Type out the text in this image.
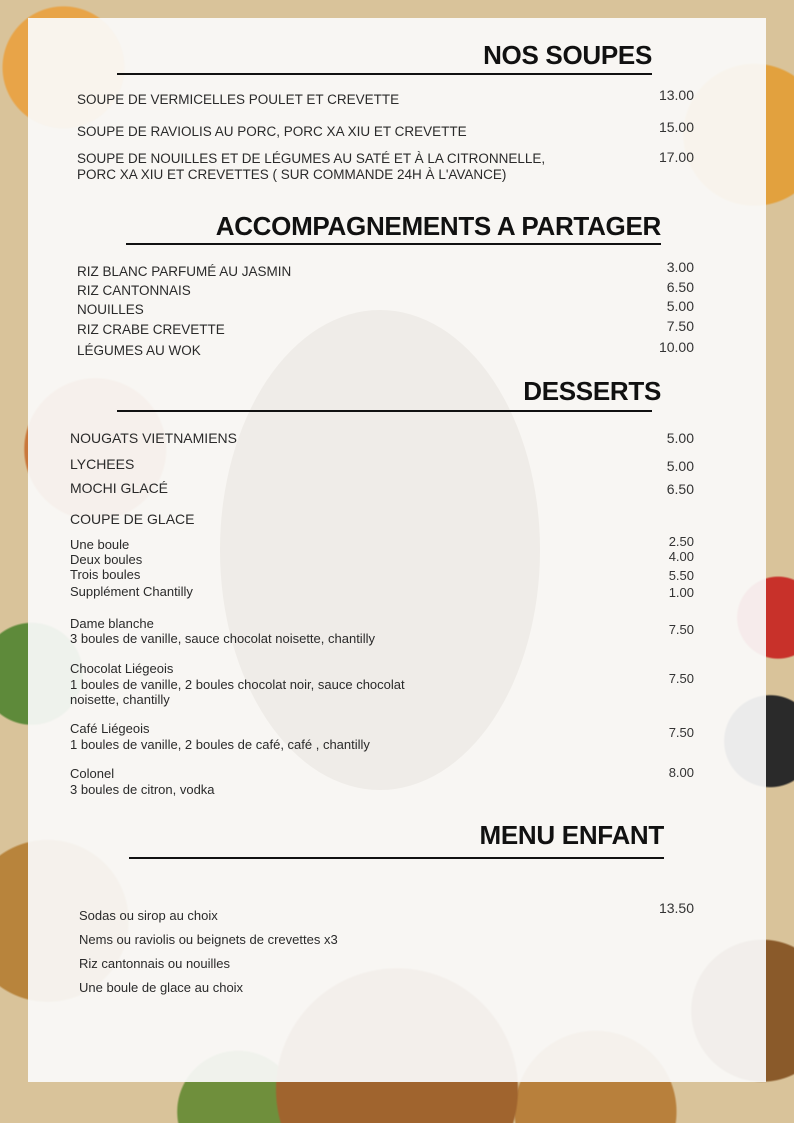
NOS SOUPES
SOUPE DE VERMICELLES POULET ET CREVETTE	13.00
SOUPE DE RAVIOLIS AU PORC, PORC XA XIU ET CREVETTE	15.00
SOUPE DE NOUILLES ET DE LÉGUMES AU SATÉ ET À LA CITRONNELLE,
PORC XA XIU ET CREVETTES ( SUR COMMANDE 24H À L'AVANCE)
17.00
ACCOMPAGNEMENTS A PARTAGER
RIZ BLANC PARFUMÉ AU JASMIN	3.00
RIZ CANTONNAIS	6.50
NOUILLES	5.00
RIZ CRABE CREVETTE	7.50
LÉGUMES AU WOK	10.00
DESSERTS
NOUGATS VIETNAMIENS	5.00
LYCHEES	5.00
MOCHI GLACÉ	6.50
COUPE DE GLACE
Une boule	2.50
Deux boules	4.00
Trois boules	5.50
Supplément Chantilly	1.00
Dame blanche
3 boules de vanille, sauce chocolat noisette, chantilly
7.50
Chocolat Liégeois
1 boules de vanille, 2 boules chocolat noir, sauce chocolat
noisette, chantilly
7.50
Café Liégeois
1 boules de vanille, 2 boules de café, café , chantilly
7.50
Colonel
3 boules de citron, vodka
8.00
MENU ENFANT
13.50
Sodas ou sirop au choix
Nems ou raviolis ou beignets de crevettes x3
Riz cantonnais ou nouilles
Une boule de glace au choix
